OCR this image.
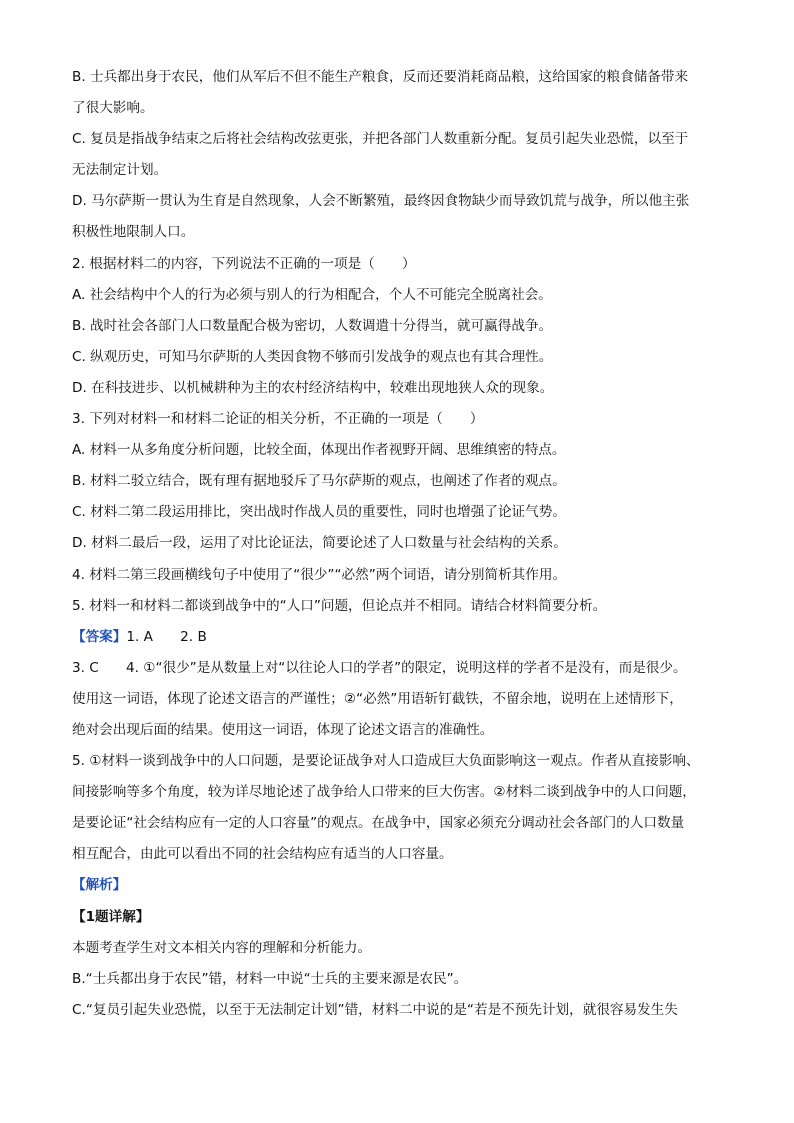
B. 士兵都出身于农民，他们从军后不但不能生产粮食，反而还要消耗商品粮，这给国家的粮食储备带来
了很大影响。
C. 复员是指战争结束之后将社会结构改弦更张，并把各部门人数重新分配。复员引起失业恐慌，以至于
无法制定计划。
D. 马尔萨斯一贯认为生育是自然现象，人会不断繁殖，最终因食物缺少而导致饥荒与战争，所以他主张
积极性地限制人口。
2. 根据材料二的内容，下列说法不正确的一项是（　　）
A. 社会结构中个人的行为必须与别人的行为相配合，个人不可能完全脱离社会。
B. 战时社会各部门人口数量配合极为密切，人数调遣十分得当，就可赢得战争。
C. 纵观历史，可知马尔萨斯的人类因食物不够而引发战争的观点也有其合理性。
D. 在科技进步、以机械耕种为主的农村经济结构中，较难出现地狭人众的现象。
3. 下列对材料一和材料二论证的相关分析，不正确的一项是（　　）
A. 材料一从多角度分析问题，比较全面，体现出作者视野开阔、思维缜密的特点。
B. 材料二驳立结合，既有理有据地驳斥了马尔萨斯的观点，也阐述了作者的观点。
C. 材料二第二段运用排比，突出战时作战人员的重要性，同时也增强了论证气势。
D. 材料二最后一段，运用了对比论证法，简要论述了人口数量与社会结构的关系。
4. 材料二第三段画横线句子中使用了“很少”“必然”两个词语，请分别简析其作用。
5. 材料一和材料二都谈到战争中的“人口”问题，但论点并不相同。请结合材料简要分析。
【答案】1. A　　2. B
3. C　　4. ①“很少”是从数量上对“以往论人口的学者”的限定，说明这样的学者不是没有，而是很少。
使用这一词语，体现了论述文语言的严谨性；②“必然”用语斩钉截铁，不留余地，说明在上述情形下，
绝对会出现后面的结果。使用这一词语，体现了论述文语言的准确性。
5. ①材料一谈到战争中的人口问题，是要论证战争对人口造成巨大负面影响这一观点。作者从直接影响、
间接影响等多个角度，较为详尽地论述了战争给人口带来的巨大伤害。②材料二谈到战争中的人口问题，
是要论证“社会结构应有一定的人口容量”的观点。在战争中，国家必须充分调动社会各部门的人口数量
相互配合，由此可以看出不同的社会结构应有适当的人口容量。
【解析】
【1题详解】
本题考查学生对文本相关内容的理解和分析能力。
B.“士兵都出身于农民”错，材料一中说“士兵的主要来源是农民”。
C.“复员引起失业恐慌，以至于无法制定计划”错，材料二中说的是“若是不预先计划，就很容易发生失
